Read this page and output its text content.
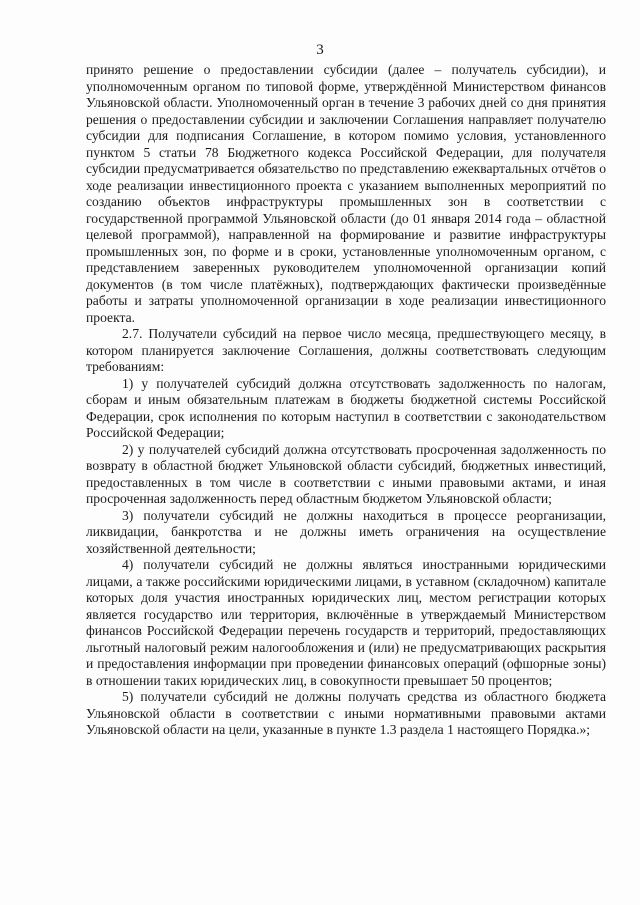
3

принято решение о предоставлении субсидии (далее – получатель субсидии), и уполномоченным органом по типовой форме, утверждённой Министерством финансов Ульяновской области. Уполномоченный орган в течение 3 рабочих дней со дня принятия решения о предоставлении субсидии и заключении Соглашения направляет получателю субсидии для подписания Соглашение, в котором помимо условия, установленного пунктом 5 статьи 78 Бюджетного кодекса Российской Федерации, для получателя субсидии предусматривается обязательство по представлению ежеквартальных отчётов о ходе реализации инвестиционного проекта с указанием выполненных мероприятий по созданию объектов инфраструктуры промышленных зон в соответствии с государственной программой Ульяновской области (до 01 января 2014 года – областной целевой программой), направленной на формирование и развитие инфраструктуры промышленных зон, по форме и в сроки, установленные уполномоченным органом, с представлением заверенных руководителем уполномоченной организации копий документов (в том числе платёжных), подтверждающих фактически произведённые работы и затраты уполномоченной организации в ходе реализации инвестиционного проекта.

2.7. Получатели субсидий на первое число месяца, предшествующего месяцу, в котором планируется заключение Соглашения, должны соответствовать следующим требованиям:

1) у получателей субсидий должна отсутствовать задолженность по налогам, сборам и иным обязательным платежам в бюджеты бюджетной системы Российской Федерации, срок исполнения по которым наступил в соответствии с законодательством Российской Федерации;

2) у получателей субсидий должна отсутствовать просроченная задолженность по возврату в областной бюджет Ульяновской области субсидий, бюджетных инвестиций, предоставленных в том числе в соответствии с иными правовыми актами, и иная просроченная задолженность перед областным бюджетом Ульяновской области;

3) получатели субсидий не должны находиться в процессе реорганизации, ликвидации, банкротства и не должны иметь ограничения на осуществление хозяйственной деятельности;

4) получатели субсидий не должны являться иностранными юридическими лицами, а также российскими юридическими лицами, в уставном (складочном) капитале которых доля участия иностранных юридических лиц, местом регистрации которых является государство или территория, включённые в утверждаемый Министерством финансов Российской Федерации перечень государств и территорий, предоставляющих льготный налоговый режим налогообложения и (или) не предусматривающих раскрытия и предоставления информации при проведении финансовых операций (офшорные зоны) в отношении таких юридических лиц, в совокупности превышает 50 процентов;

5) получатели субсидий не должны получать средства из областного бюджета Ульяновской области в соответствии с иными нормативными правовыми актами Ульяновской области на цели, указанные в пункте 1.3 раздела 1 настоящего Порядка.»;
